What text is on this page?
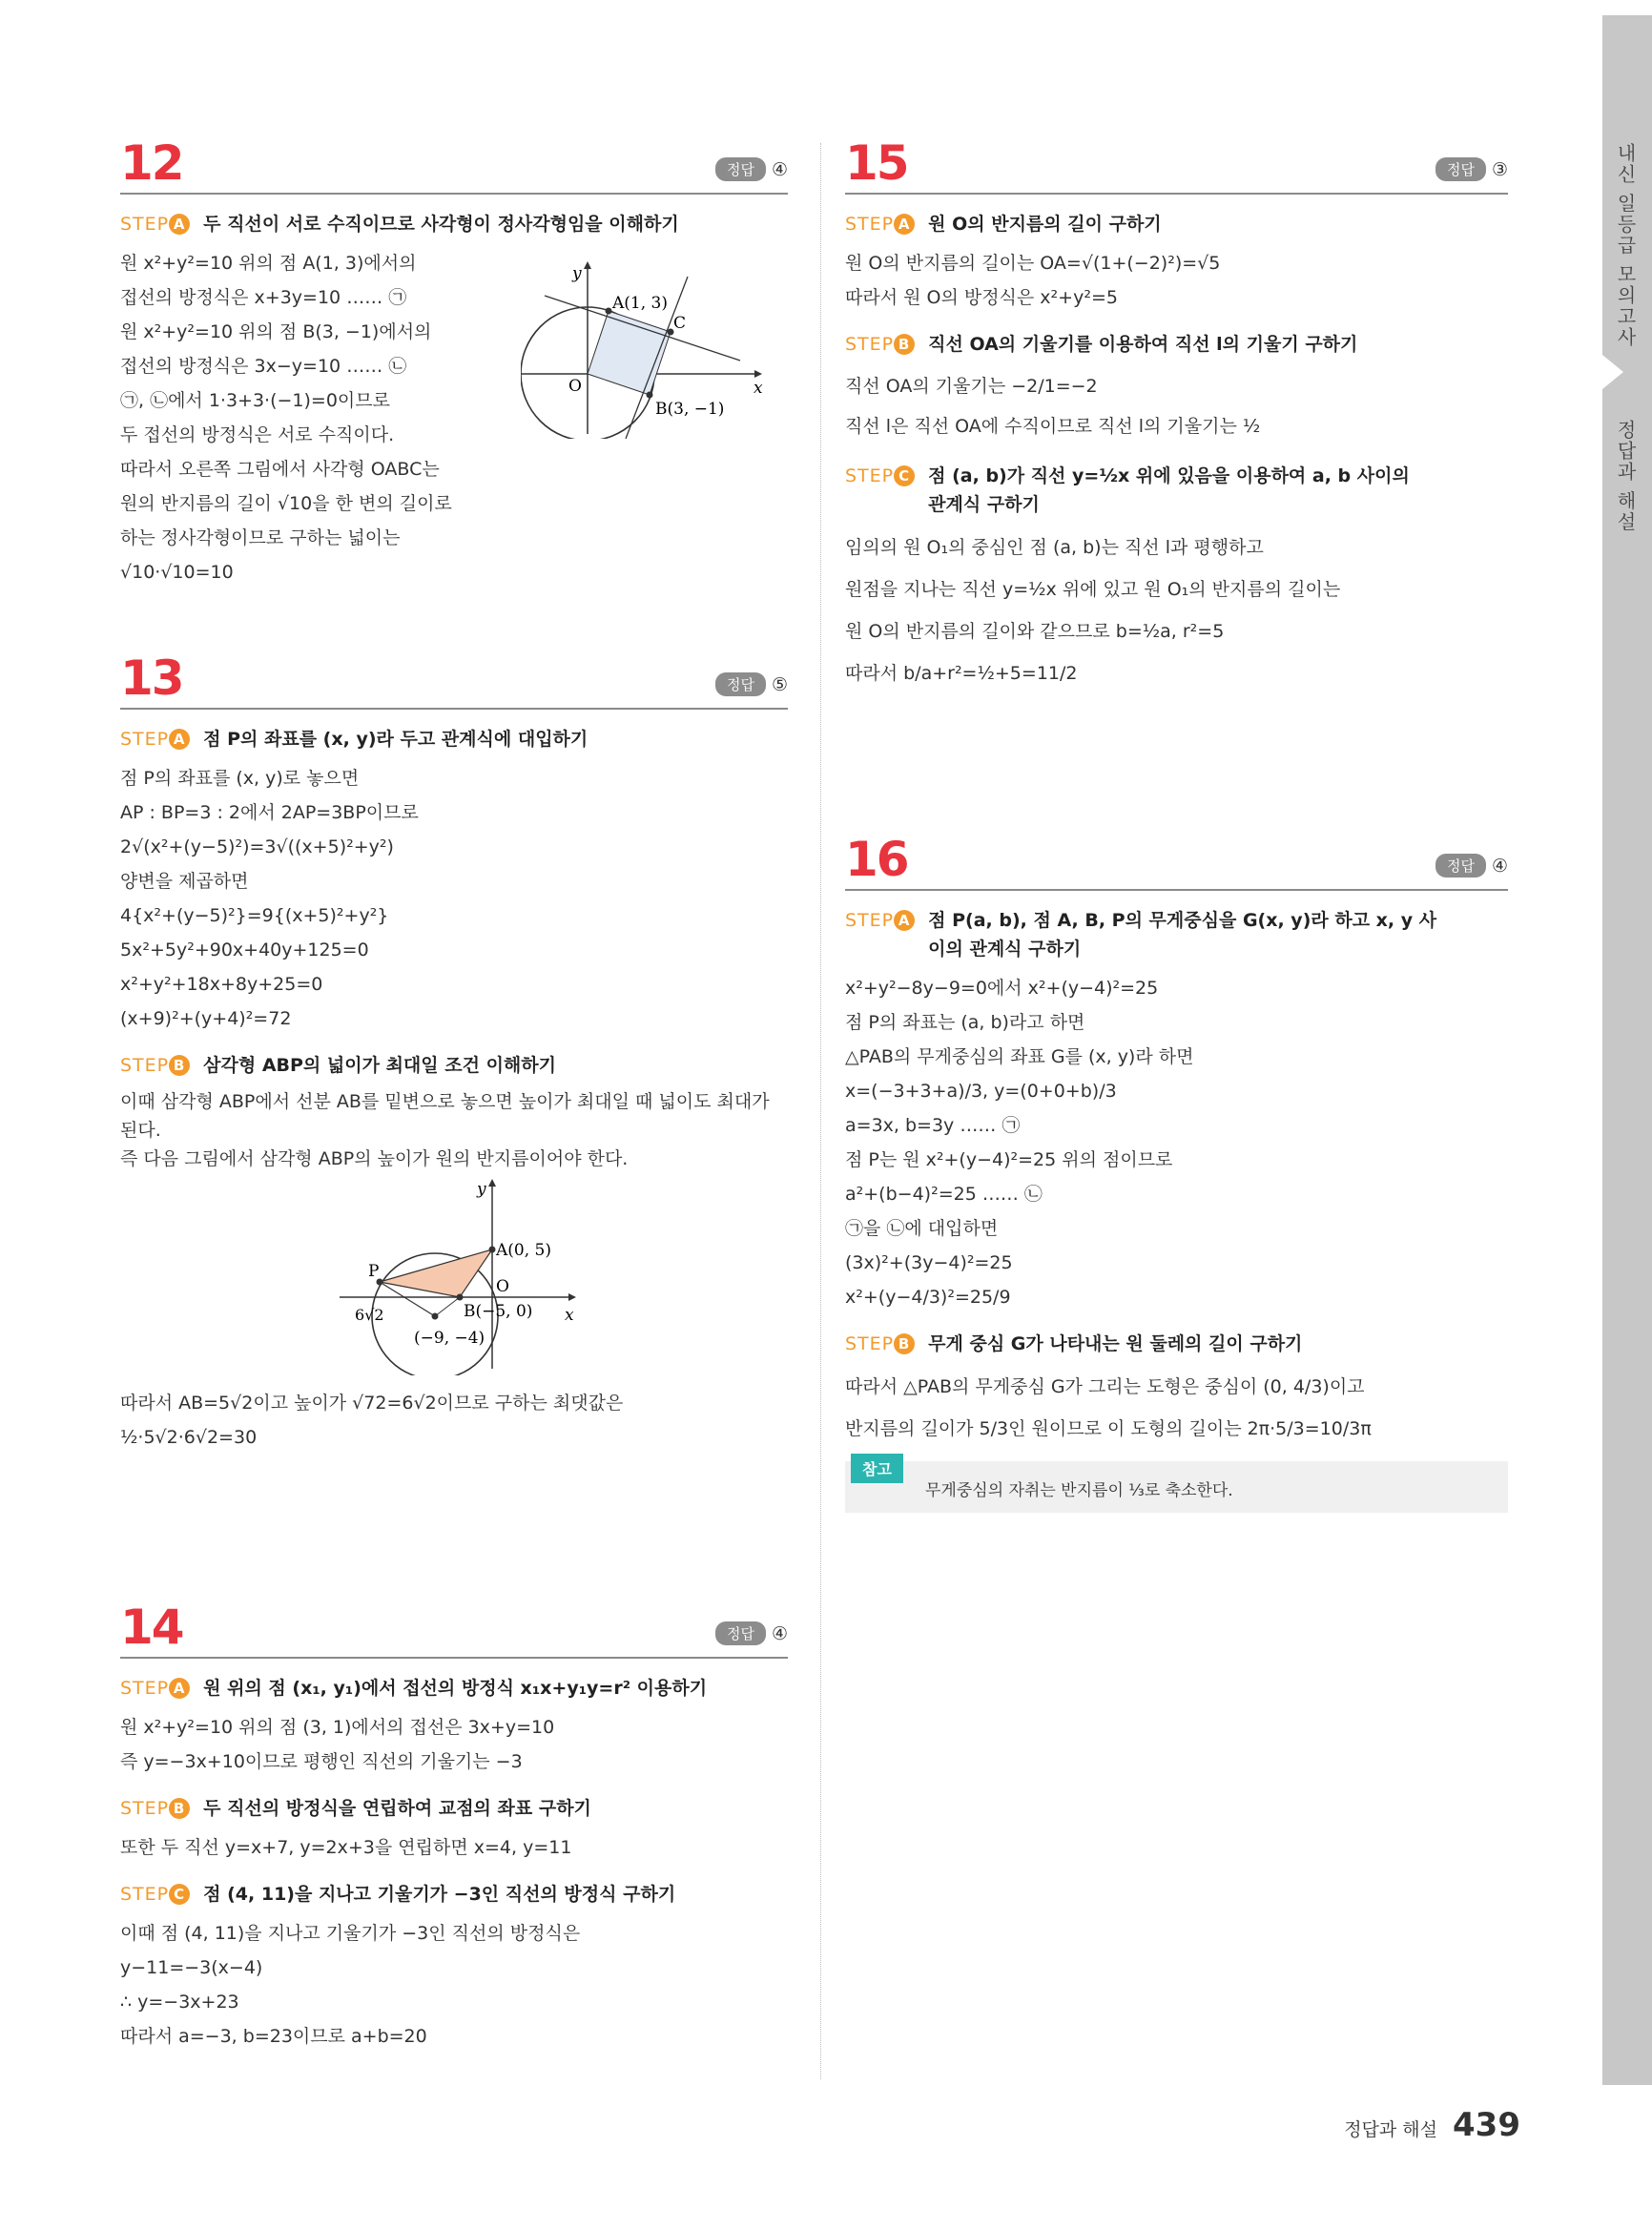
내신 일등급 모의고사
정답과 해설
12	정답 ④
STEP A 두 직선이 서로 수직이므로 사각형이 정사각형임을 이해하기
원 x²+y²=10 위의 점 A(1, 3)에서의
접선의 방정식은 x+3y=10 …… ㉠
원 x²+y²=10 위의 점 B(3, −1)에서의
접선의 방정식은 3x−y=10 …… ㉡
㉠, ㉡에서 1·3+3·(−1)=0이므로
두 접선의 방정식은 서로 수직이다.
따라서 오른쪽 그림에서 사각형 OABC는
원의 반지름의 길이 √10을 한 변의 길이로
하는 정사각형이므로 구하는 넓이는
√10·√10=10
y
x
O
A(1, 3)
C
B(3, −1)
13	정답 ⑤
STEP A 점 P의 좌표를 (x, y)라 두고 관계식에 대입하기
점 P의 좌표를 (x, y)로 놓으면
AP : BP=3 : 2에서 2AP=3BP이므로
2√(x²+(y−5)²)=3√((x+5)²+y²)
양변을 제곱하면
4{x²+(y−5)²}=9{(x+5)²+y²}
5x²+5y²+90x+40y+125=0
x²+y²+18x+8y+25=0
(x+9)²+(y+4)²=72
STEP B 삼각형 ABP의 넓이가 최대일 조건 이해하기
이때 삼각형 ABP에서 선분 AB를 밑변으로 놓으면 높이가 최대일 때 넓이도 최대가 된다.
즉 다음 그림에서 삼각형 ABP의 높이가 원의 반지름이어야 한다.
y
x
O
A(0, 5)
B(−5, 0)
P
6√2
(−9, −4)
따라서 AB=5√2이고 높이가 √72=6√2이므로 구하는 최댓값은
½·5√2·6√2=30
14	정답 ④
STEP A 원 위의 점 (x₁, y₁)에서 접선의 방정식 x₁x+y₁y=r² 이용하기
원 x²+y²=10 위의 점 (3, 1)에서의 접선은 3x+y=10
즉 y=−3x+10이므로 평행인 직선의 기울기는 −3
STEP B 두 직선의 방정식을 연립하여 교점의 좌표 구하기
또한 두 직선 y=x+7, y=2x+3을 연립하면 x=4, y=11
STEP C 점 (4, 11)을 지나고 기울기가 −3인 직선의 방정식 구하기
이때 점 (4, 11)을 지나고 기울기가 −3인 직선의 방정식은
y−11=−3(x−4)
∴ y=−3x+23
따라서 a=−3, b=23이므로 a+b=20
15	정답 ③
STEP A 원 O의 반지름의 길이 구하기
원 O의 반지름의 길이는 OA=√(1+(−2)²)=√5
따라서 원 O의 방정식은 x²+y²=5
STEP B 직선 OA의 기울기를 이용하여 직선 l의 기울기 구하기
직선 OA의 기울기는 −2/1=−2
직선 l은 직선 OA에 수직이므로 직선 l의 기울기는 ½
STEP C 점 (a, b)가 직선 y=½x 위에 있음을 이용하여 a, b 사이의 관계식 구하기
임의의 원 O₁의 중심인 점 (a, b)는 직선 l과 평행하고
원점을 지나는 직선 y=½x 위에 있고 원 O₁의 반지름의 길이는
원 O의 반지름의 길이와 같으므로 b=½a, r²=5
따라서 b/a+r²=½+5=11/2
16	정답 ④
STEP A 점 P(a, b), 점 A, B, P의 무게중심을 G(x, y)라 하고 x, y 사이의 관계식 구하기
x²+y²−8y−9=0에서 x²+(y−4)²=25
점 P의 좌표는 (a, b)라고 하면
△PAB의 무게중심의 좌표 G를 (x, y)라 하면
x=(−3+3+a)/3, y=(0+0+b)/3
a=3x, b=3y …… ㉠
점 P는 원 x²+(y−4)²=25 위의 점이므로
a²+(b−4)²=25 …… ㉡
㉠을 ㉡에 대입하면
(3x)²+(3y−4)²=25
x²+(y−4/3)²=25/9
STEP B 무게 중심 G가 나타내는 원 둘레의 길이 구하기
따라서 △PAB의 무게중심 G가 그리는 도형은 중심이 (0, 4/3)이고
반지름의 길이가 5/3인 원이므로 이 도형의 길이는 2π·5/3=10/3π
참고
무게중심의 자취는 반지름이 ⅓로 축소한다.
정답과 해설 439
